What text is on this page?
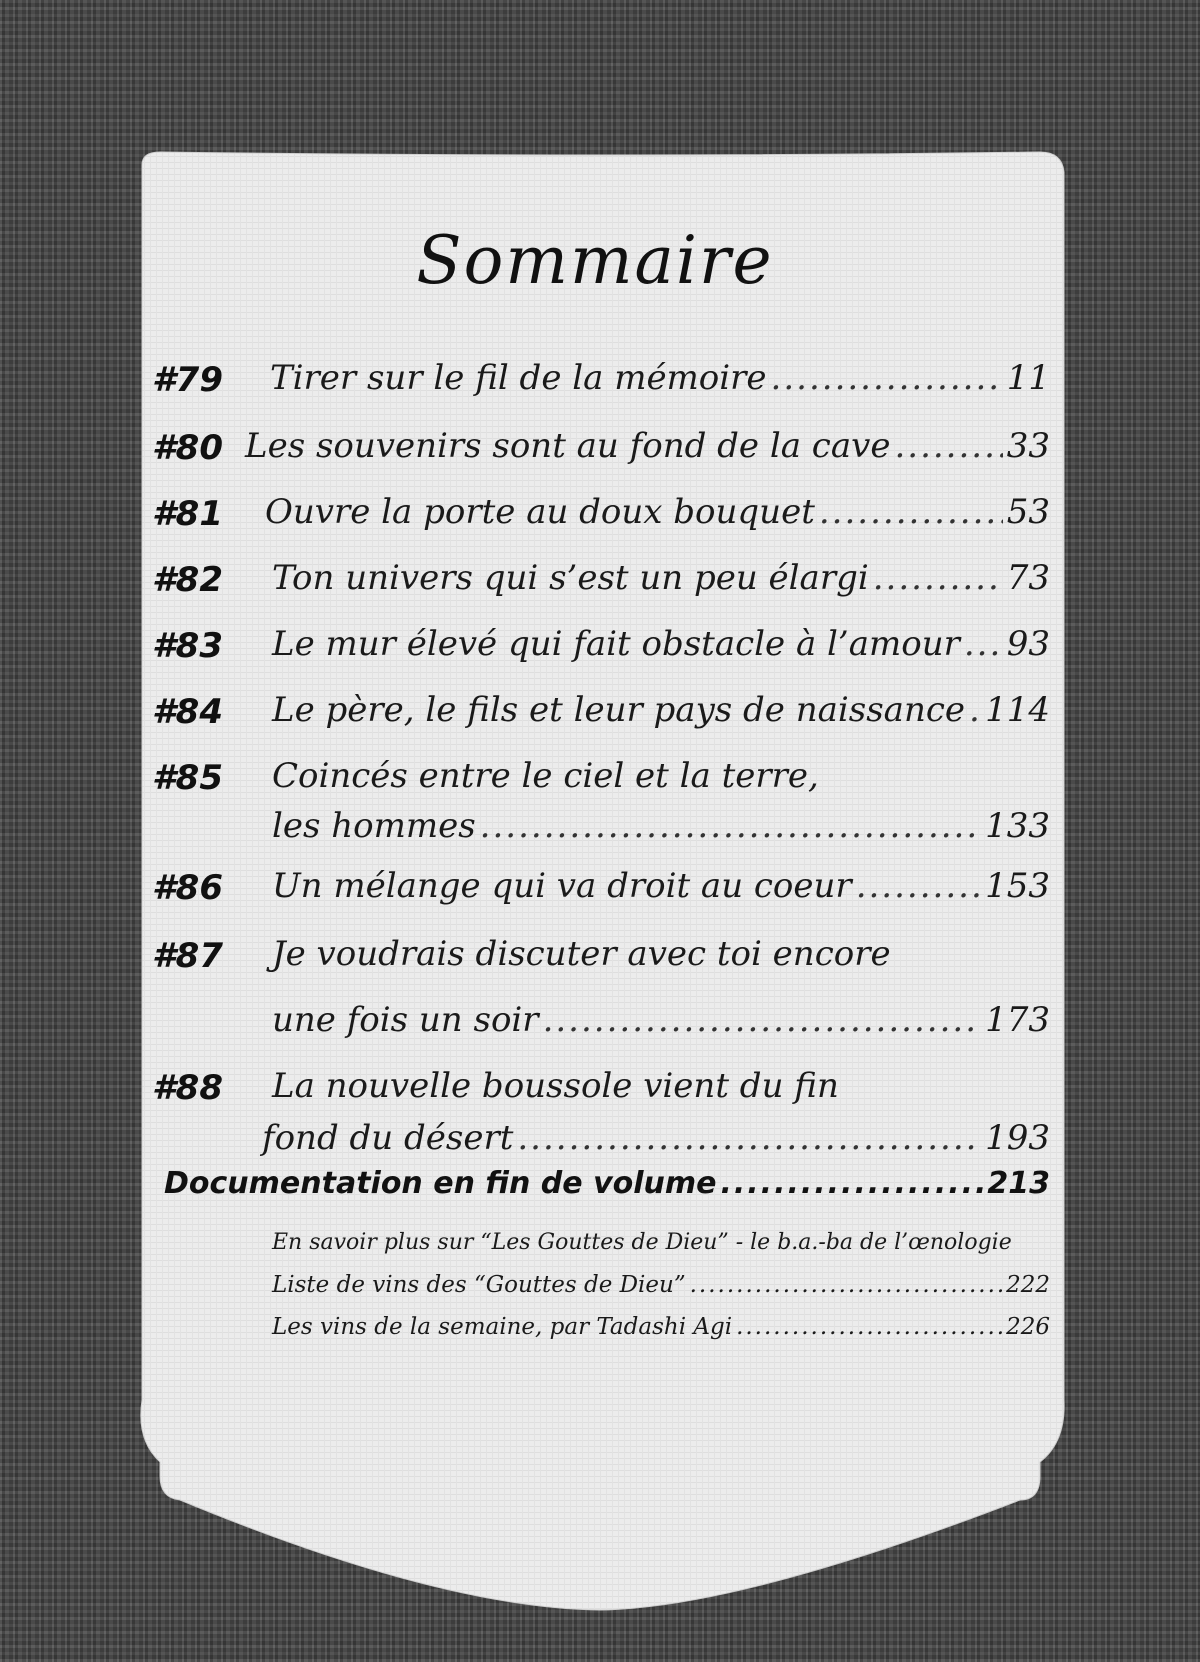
Sommaire
#79 Tirer sur le fil de la mémoire .....	11
#80 Les souvenirs sont au fond de la cave .....	33
#81 Ouvre la porte au doux bouquet .....	53
#82 Ton univers qui s’est un peu élargi .....	73
#83 Le mur élevé qui fait obstacle à l’amour ..... 93
#84 Le père, le fils et leur pays de naissance ..... 114
#85 Coincés entre le ciel et la terre,
les hommes .....	133
#86 Un mélange qui va droit au coeur .....	153
#87 Je voudrais discuter avec toi encore
une fois un soir .....	173
#88 La nouvelle boussole vient du fin
fond du désert .....	193
Documentation en fin de volume .....	213
En savoir plus sur “Les Gouttes de Dieu” - le b.a.-ba de l’œnologie
Liste de vins des “Gouttes de Dieu” .....	222
Les vins de la semaine, par Tadashi Agi .....	226
